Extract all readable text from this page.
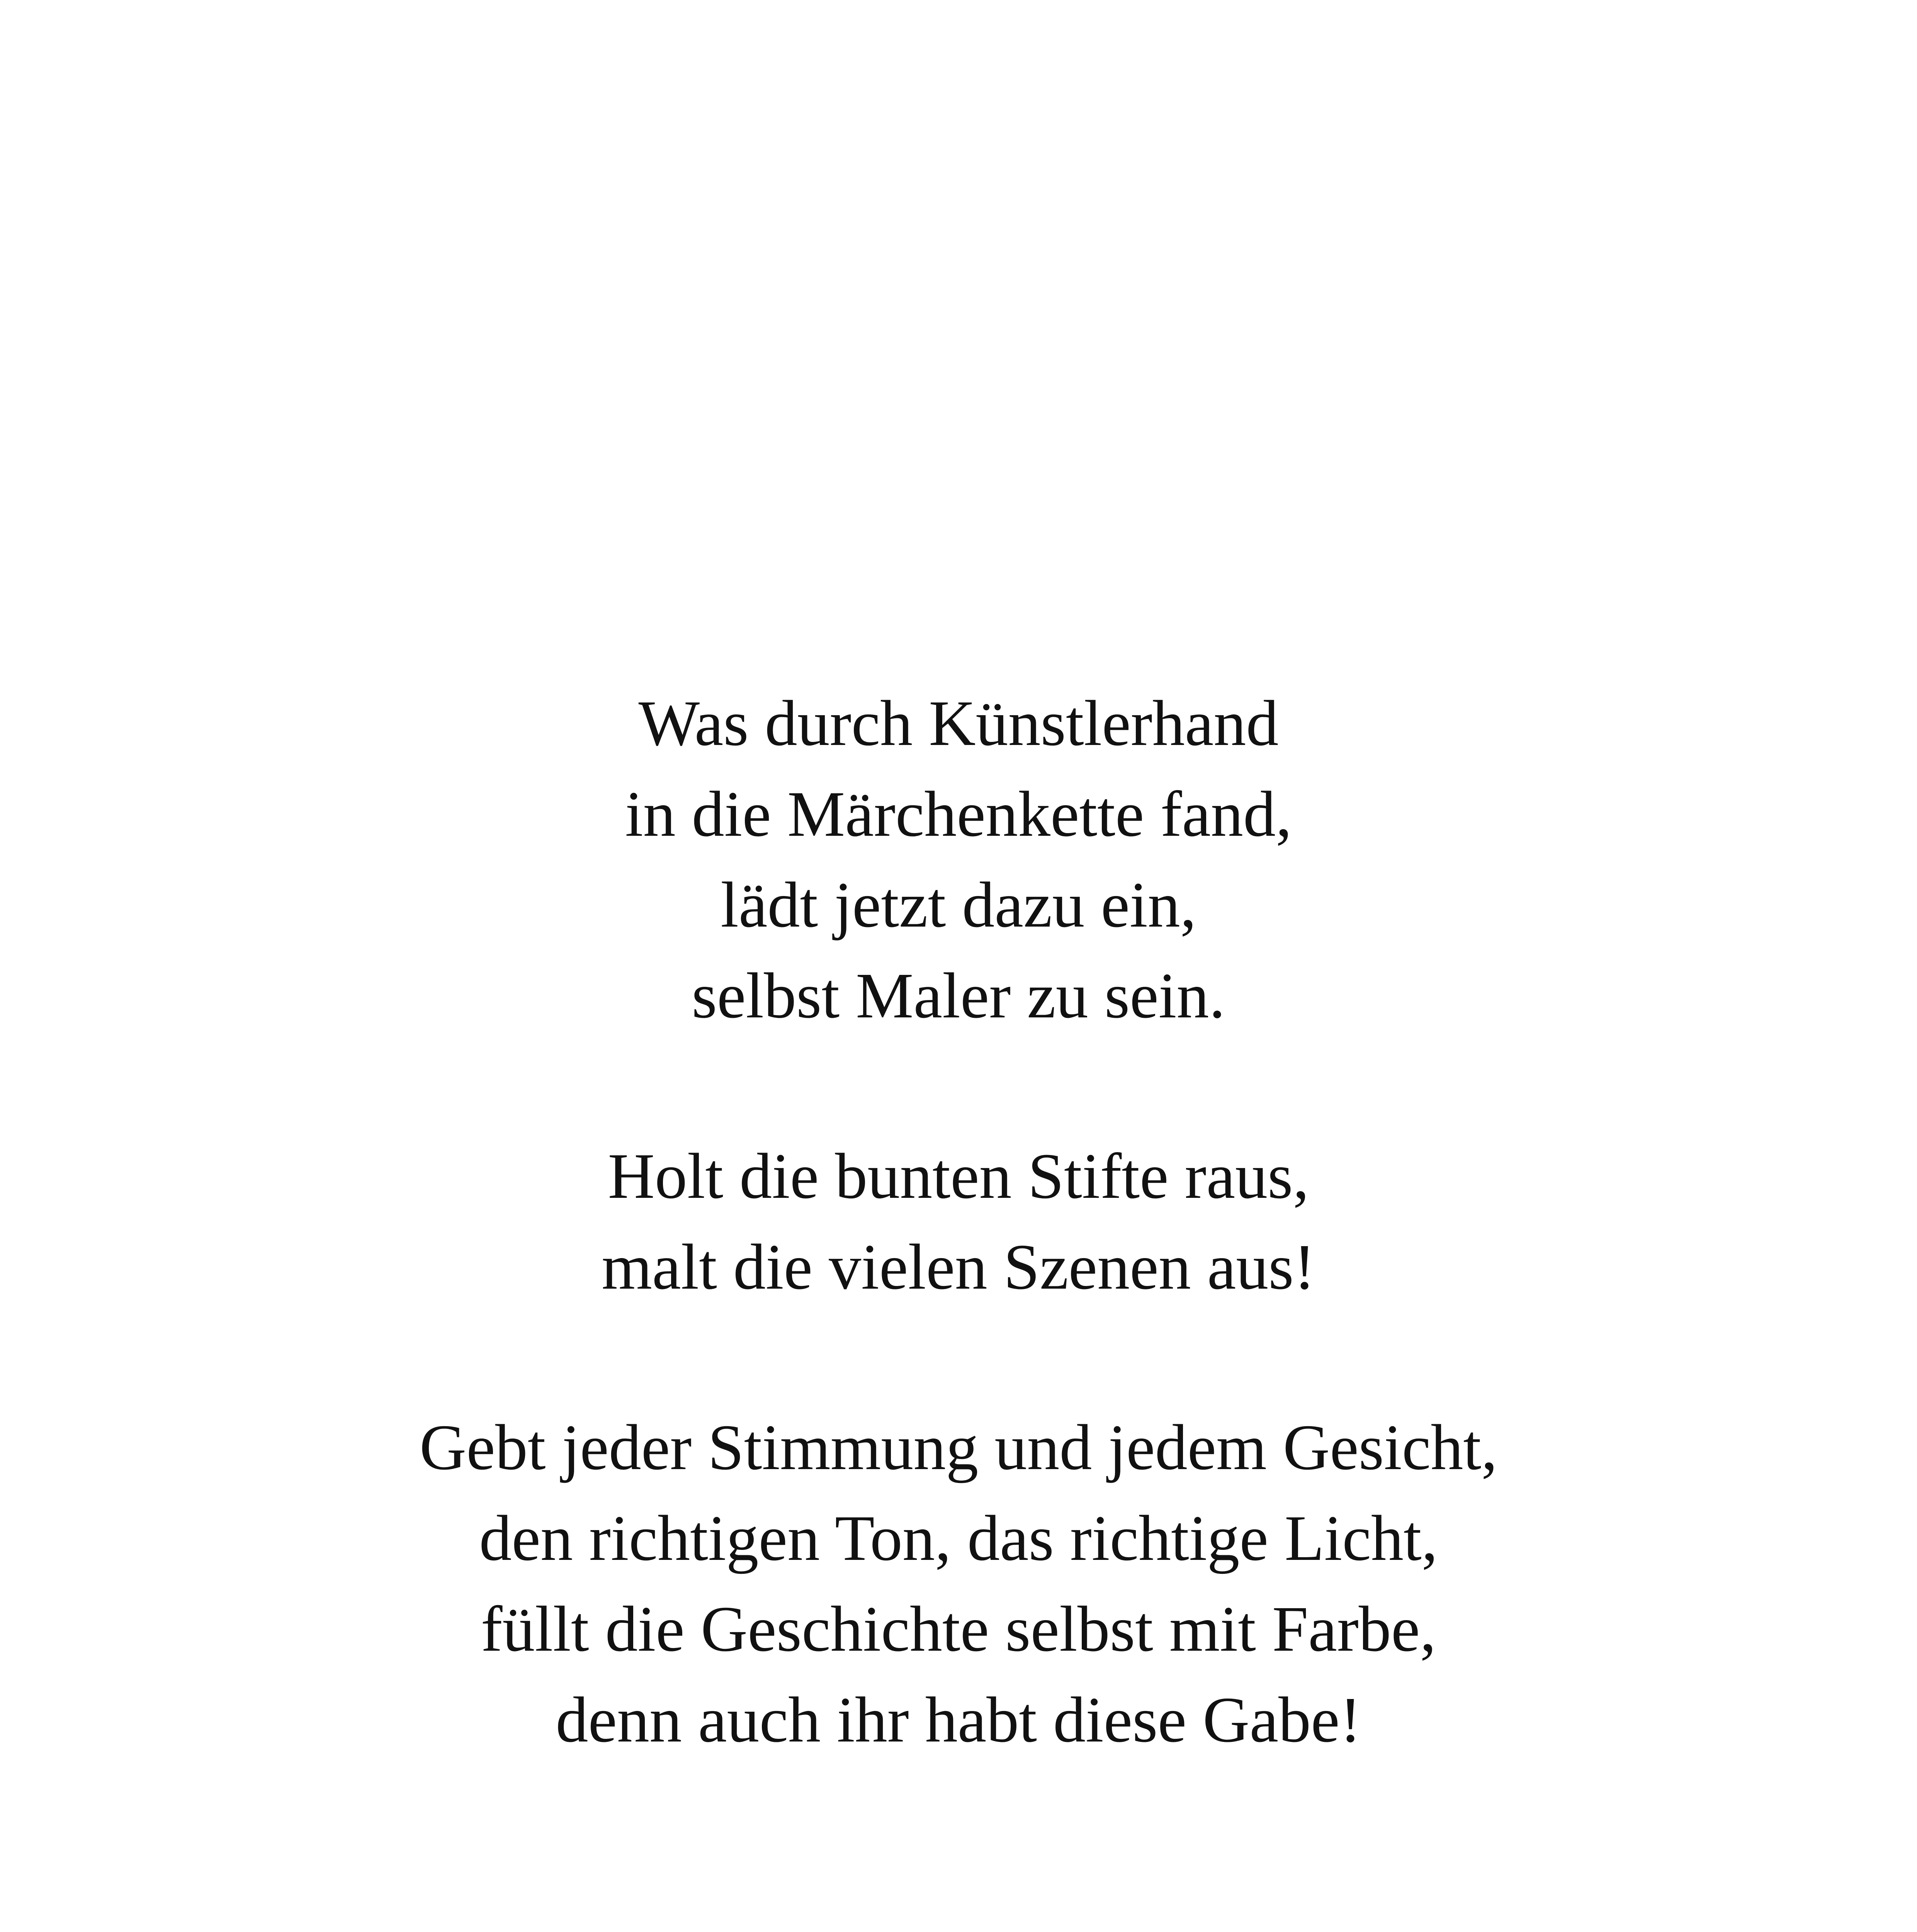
Was durch Künstlerhand
in die Märchenkette fand,
lädt jetzt dazu ein,
selbst Maler zu sein.

Holt die bunten Stifte raus,
malt die vielen Szenen aus!

Gebt jeder Stimmung und jedem Gesicht,
den richtigen Ton, das richtige Licht,
füllt die Geschichte selbst mit Farbe,
denn auch ihr habt diese Gabe!
